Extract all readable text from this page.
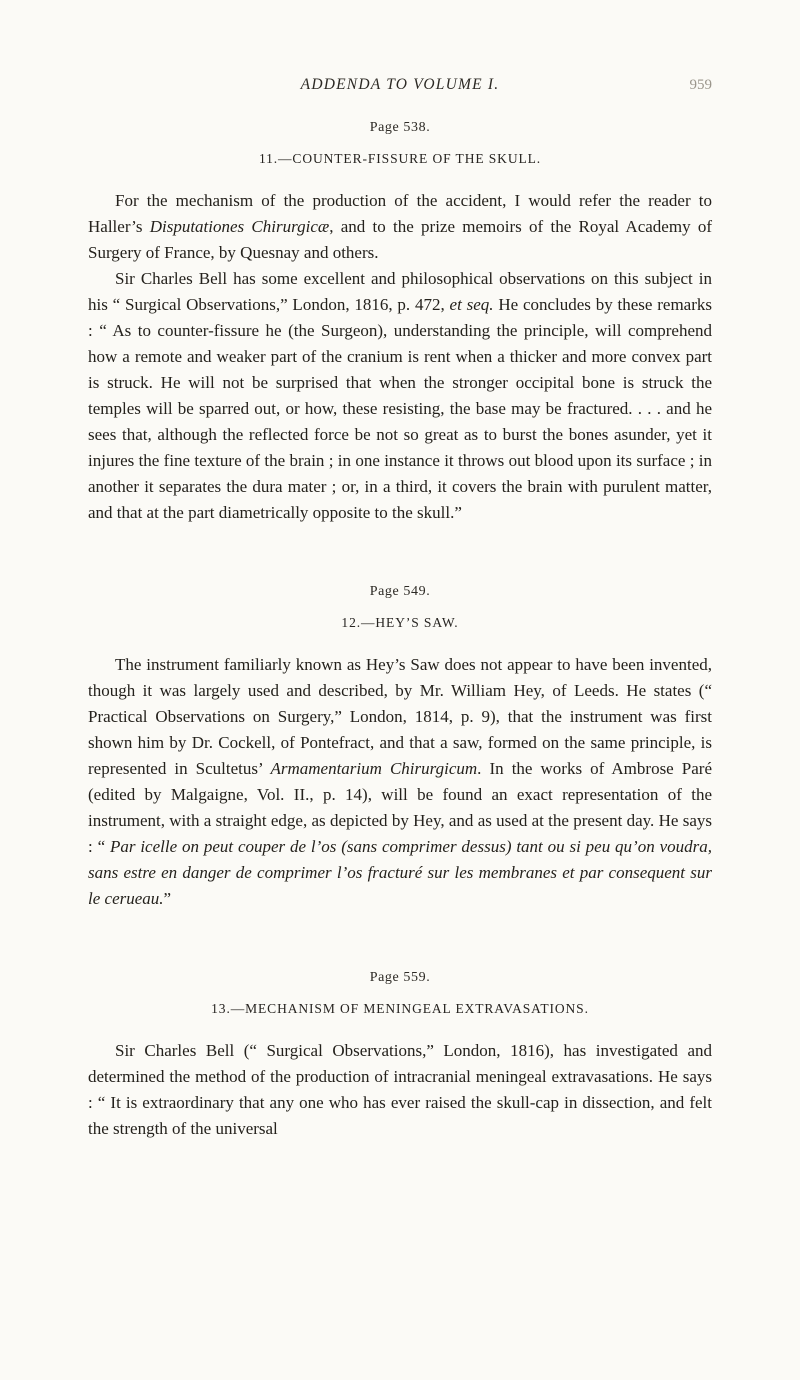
ADDENDA TO VOLUME I.	959
Page 538.
11.—COUNTER-FISSURE OF THE SKULL.

For the mechanism of the production of the accident, I would refer the reader to Haller’s Disputationes Chirurgicæ, and to the prize memoirs of the Royal Academy of Surgery of France, by Quesnay and others.

Sir Charles Bell has some excellent and philosophical observations on this subject in his “ Surgical Observations,” London, 1816, p. 472, et seq. He concludes by these remarks : “ As to counter-fissure he (the Surgeon), understanding the principle, will comprehend how a remote and weaker part of the cranium is rent when a thicker and more convex part is struck. He will not be surprised that when the stronger occipital bone is struck the temples will be sparred out, or how, these resisting, the base may be fractured. . . . and he sees that, although the reflected force be not so great as to burst the bones asunder, yet it injures the fine texture of the brain ; in one instance it throws out blood upon its surface ; in another it separates the dura mater ; or, in a third, it covers the brain with purulent matter, and that at the part diametrically opposite to the skull.”

Page 549.
12.—HEY’S SAW.

The instrument familiarly known as Hey’s Saw does not appear to have been invented, though it was largely used and described, by Mr. William Hey, of Leeds. He states (“ Practical Observations on Surgery,” London, 1814, p. 9), that the instrument was first shown him by Dr. Cockell, of Pontefract, and that a saw, formed on the same principle, is represented in Scultetus’ Armamentarium Chirurgicum. In the works of Ambrose Paré (edited by Malgaigne, Vol. II., p. 14), will be found an exact representation of the instrument, with a straight edge, as depicted by Hey, and as used at the present day. He says : “ Par icelle on peut couper de l’os (sans comprimer dessus) tant ou si peu qu’on voudra, sans estre en danger de comprimer l’os fracturé sur les membranes et par consequent sur le cerueau.”

Page 559.
13.—MECHANISM OF MENINGEAL EXTRAVASATIONS.

Sir Charles Bell (“ Surgical Observations,” London, 1816), has investigated and determined the method of the production of intracranial meningeal extravasations. He says : “ It is extraordinary that any one who has ever raised the skull-cap in dissection, and felt the strength of the universal
